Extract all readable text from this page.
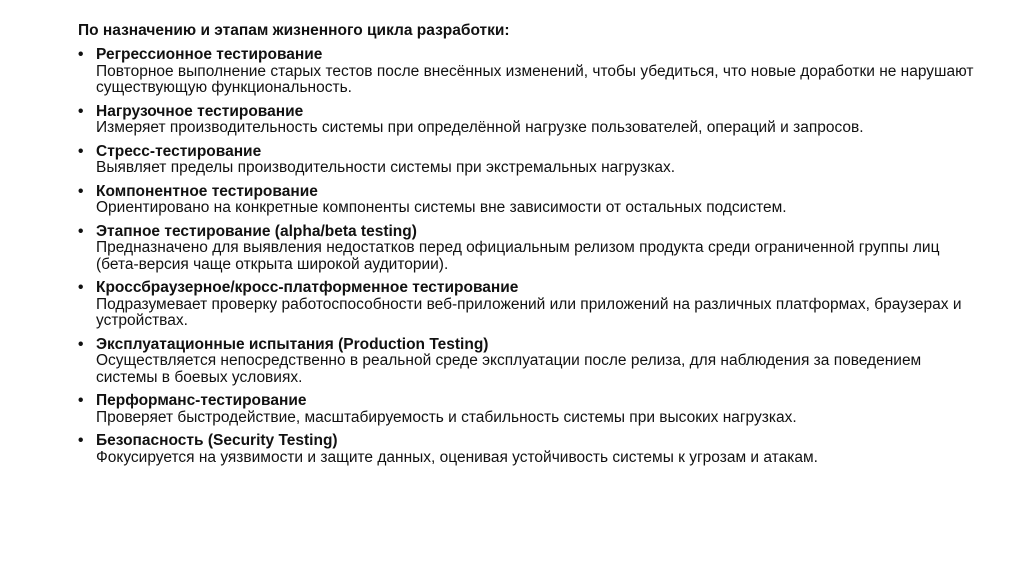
По назначению и этапам жизненного цикла разработки:
• Регрессионное тестирование
Повторное выполнение старых тестов после внесённых изменений, чтобы убедиться, что новые доработки не нарушают существующую функциональность.
• Нагрузочное тестирование
Измеряет производительность системы при определённой нагрузке пользователей, операций и запросов.
• Стресс-тестирование
Выявляет пределы производительности системы при экстремальных нагрузках.
• Компонентное тестирование
Ориентировано на конкретные компоненты системы вне зависимости от остальных подсистем.
• Этапное тестирование (alpha/beta testing)
Предназначено для выявления недостатков перед официальным релизом продукта среди ограниченной группы лиц (бета-версия чаще открыта широкой аудитории).
• Кроссбраузерное/кросс-платформенное тестирование
Подразумевает проверку работоспособности веб-приложений или приложений на различных платформах, браузерах и устройствах.
• Эксплуатационные испытания (Production Testing)
Осуществляется непосредственно в реальной среде эксплуатации после релиза, для наблюдения за поведением системы в боевых условиях.
• Перформанс-тестирование
Проверяет быстродействие, масштабируемость и стабильность системы при высоких нагрузках.
• Безопасность (Security Testing)
Фокусируется на уязвимости и защите данных, оценивая устойчивость системы к угрозам и атакам.
